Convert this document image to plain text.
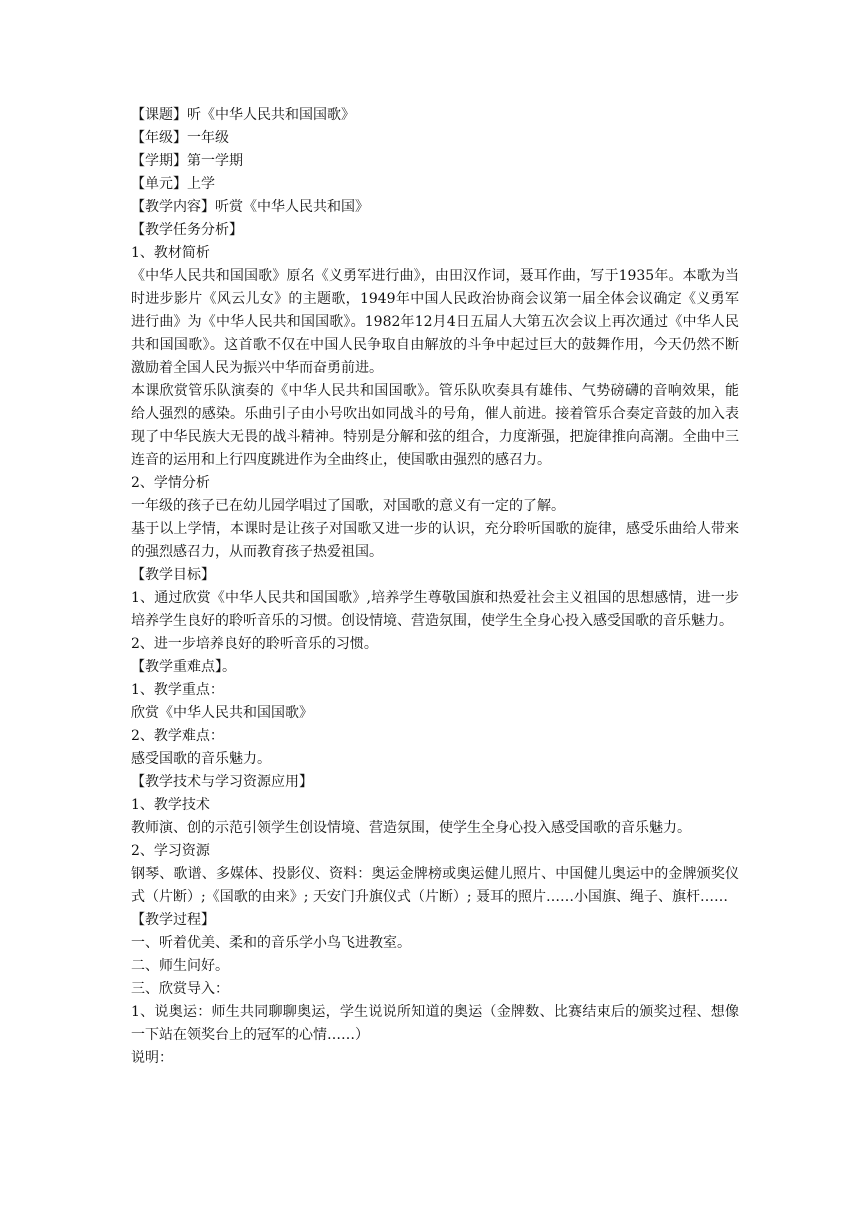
【课题】听《中华人民共和国国歌》

【年级】一年级

【学期】第一学期

【单元】上学

【教学内容】听赏《中华人民共和国》

【教学任务分析】

1、教材简析

《中华人民共和国国歌》原名《义勇军进行曲》，由田汉作词，聂耳作曲，写于1935年。本歌为当时进步影片《风云儿女》的主题歌，1949年中国人民政治协商会议第一届全体会议确定《义勇军进行曲》为《中华人民共和国国歌》。1982年12月4日五届人大第五次会议上再次通过《中华人民共和国国歌》。这首歌不仅在中国人民争取自由解放的斗争中起过巨大的鼓舞作用，今天仍然不断激励着全国人民为振兴中华而奋勇前进。

本课欣赏管乐队演奏的《中华人民共和国国歌》。管乐队吹奏具有雄伟、气势磅礴的音响效果，能给人强烈的感染。乐曲引子由小号吹出如同战斗的号角，催人前进。接着管乐合奏定音鼓的加入表现了中华民族大无畏的战斗精神。特别是分解和弦的组合，力度渐强，把旋律推向高潮。全曲中三连音的运用和上行四度跳进作为全曲终止，使国歌由强烈的感召力。

2、学情分析

一年级的孩子已在幼儿园学唱过了国歌，对国歌的意义有一定的了解。

基于以上学情，本课时是让孩子对国歌又进一步的认识，充分聆听国歌的旋律，感受乐曲给人带来的强烈感召力，从而教育孩子热爱祖国。

【教学目标】

1、通过欣赏《中华人民共和国国歌》,培养学生尊敬国旗和热爱社会主义祖国的思想感情，进一步培养学生良好的聆听音乐的习惯。创设情境、营造氛围，使学生全身心投入感受国歌的音乐魅力。

2、进一步培养良好的聆听音乐的习惯。

【教学重难点】。

1、教学重点：

欣赏《中华人民共和国国歌》

2、教学难点：

感受国歌的音乐魅力。

【教学技术与学习资源应用】

1、教学技术

教师演、创的示范引领学生创设情境、营造氛围，使学生全身心投入感受国歌的音乐魅力。

2、学习资源

钢琴、歌谱、多媒体、投影仪、资料：奥运金牌榜或奥运健儿照片、中国健儿奥运中的金牌颁奖仪式（片断）;《国歌的由来》; 天安门升旗仪式（片断）; 聂耳的照片……小国旗、绳子、旗杆……

【教学过程】

一、听着优美、柔和的音乐学小鸟飞进教室。

二、师生问好。

三、欣赏导入：

1、说奥运：师生共同聊聊奥运，学生说说所知道的奥运（金牌数、比赛结束后的颁奖过程、想像一下站在领奖台上的冠军的心情……）

说明：
